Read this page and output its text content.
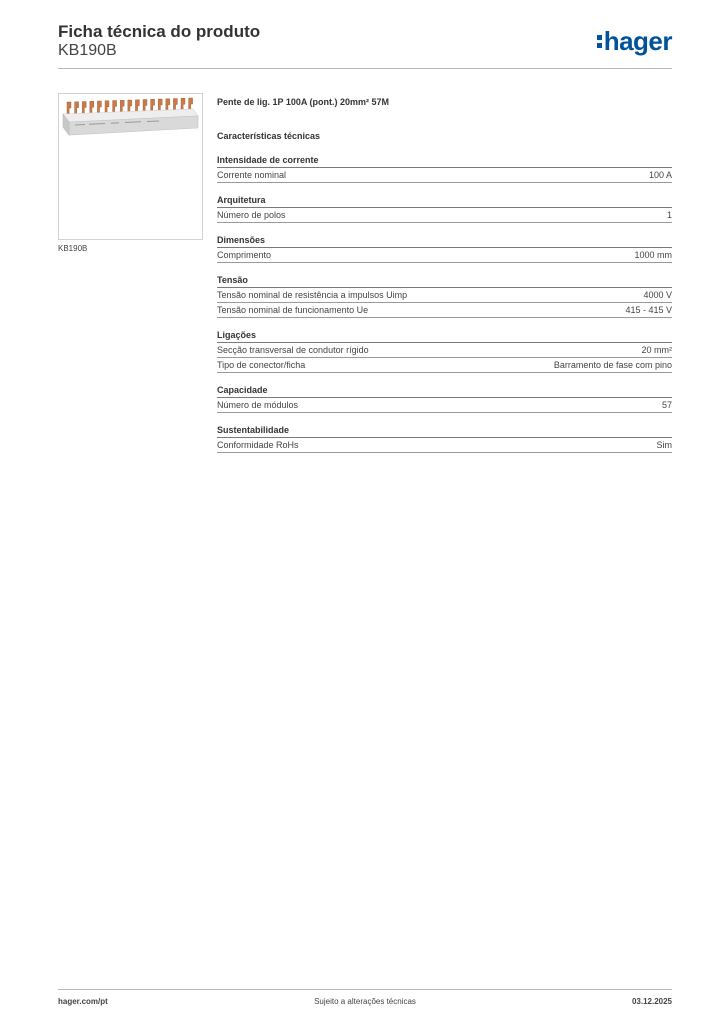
Ficha técnica do produto
KB190B	hager
KB190B
Pente de lig. 1P 100A (pont.) 20mm² 57M
Características técnicas
Intensidade de corrente
Corrente nominal	100 A
Arquitetura
Número de polos	1
Dimensões
Comprimento	1000 mm
Tensão
Tensão nominal de resistência a impulsos Uimp	4000 V
Tensão nominal de funcionamento Ue	415 - 415 V
Ligações
Secção transversal de condutor rígido	20 mm²
Tipo de conector/ficha	Barramento de fase com pino
Capacidade
Número de módulos	57
Sustentabilidade
Conformidade RoHs	Sim
hager.com/pt	Sujeito a alterações técnicas	03.12.2025
